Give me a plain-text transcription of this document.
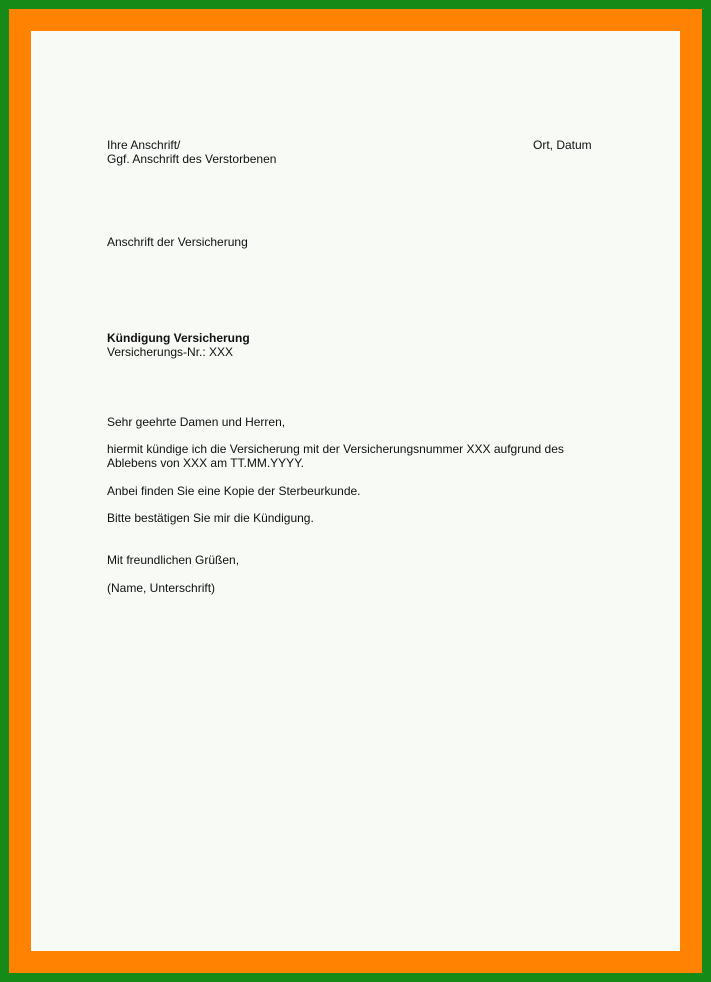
Ihre Anschrift/

Ggf. Anschrift des Verstorbenen

Ort, Datum

Anschrift der Versicherung

Kündigung Versicherung

Versicherungs-Nr.: XXX

Sehr geehrte Damen und Herren,

hiermit kündige ich die Versicherung mit der Versicherungsnummer XXX aufgrund des

Ablebens von XXX am TT.MM.YYYY.

Anbei finden Sie eine Kopie der Sterbeurkunde.

Bitte bestätigen Sie mir die Kündigung.

Mit freundlichen Grüßen,

(Name, Unterschrift)
